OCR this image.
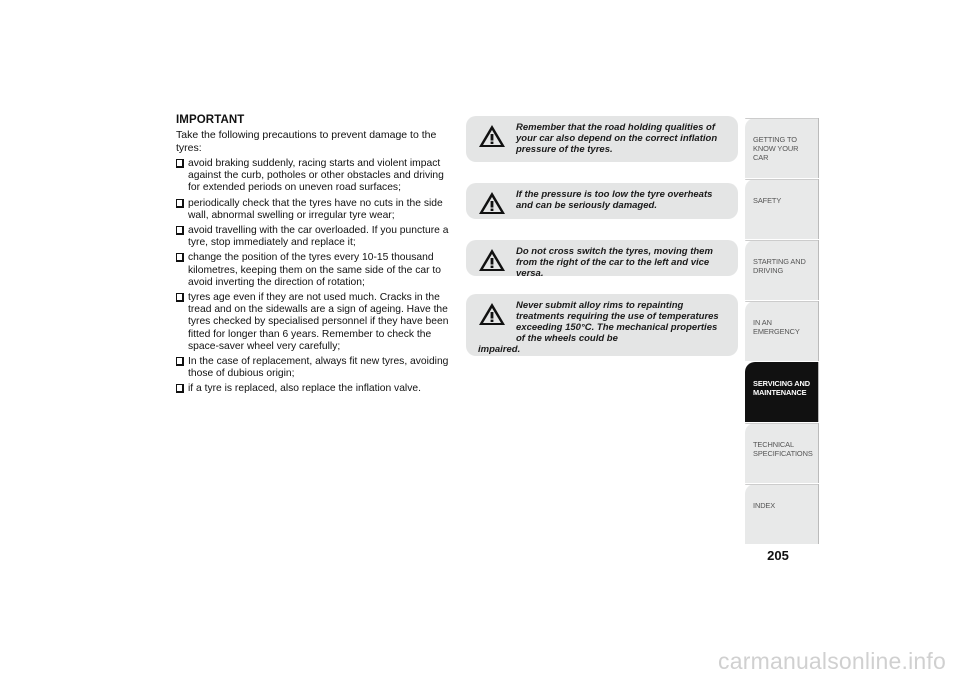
IMPORTANT
Take the following precautions to prevent damage to the tyres:
avoid braking suddenly, racing starts and violent impact against the curb, potholes or other obstacles and driving for extended periods on uneven road surfaces;
periodically check that the tyres have no cuts in the side wall, abnormal swelling or irregular tyre wear;
avoid travelling with the car overloaded. If you puncture a tyre, stop immediately and replace it;
change the position of the tyres every 10-15 thousand kilometres, keeping them on the same side of the car to avoid inverting the direction of rotation;
tyres age even if they are not used much. Cracks in the tread and on the sidewalls are a sign of ageing. Have the tyres checked by specialised personnel if they have been fitted for longer than 6 years. Remember to check the space-saver wheel very carefully;
In the case of replacement, always fit new tyres, avoiding those of dubious origin;
if a tyre is replaced, also replace the inflation valve.
Remember that the road holding qualities of your car also depend on the correct inflation pressure of the tyres.
If the pressure is too low the tyre overheats and can be seriously damaged.
Do not cross switch the tyres, moving them from the right of the car to the left and vice versa.
Never submit alloy rims to repainting treatments requiring the use of temperatures exceeding 150°C. The mechanical properties of the wheels could be
impaired.
GETTING TO KNOW YOUR CAR
SAFETY
STARTING AND DRIVING
IN AN EMERGENCY
SERVICING AND MAINTENANCE
TECHNICAL SPECIFICATIONS
INDEX
205
carmanualsonline.info
